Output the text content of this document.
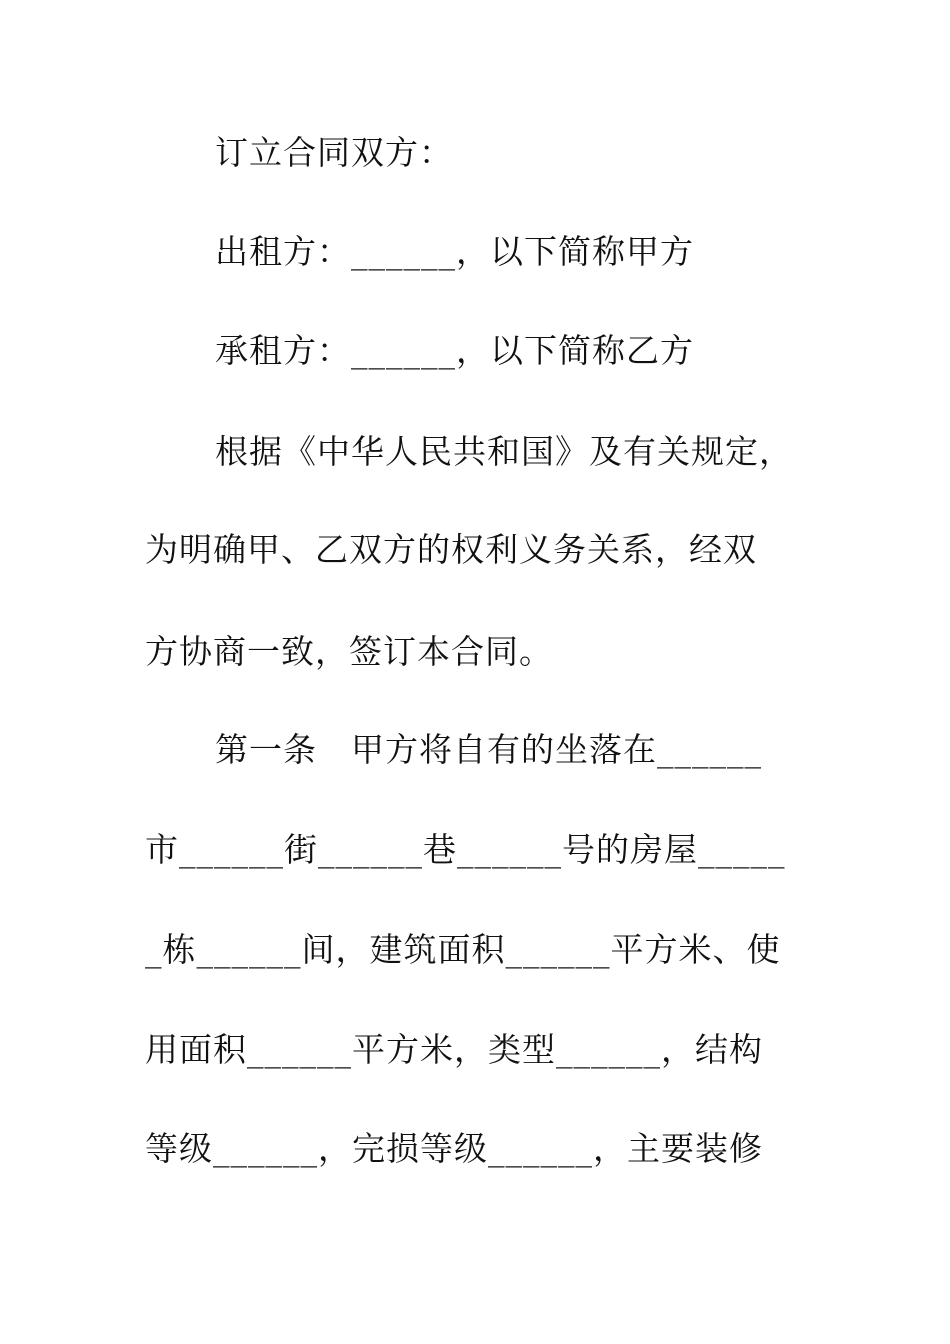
订立合同双方：
出租方：______，以下简称甲方
承租方：______，以下简称乙方
根据《中华人民共和国》及有关规定，
为明确甲、乙双方的权利义务关系，经双
方协商一致，签订本合同。
第一条　甲方将自有的坐落在______
市______街______巷______号的房屋_____
_栋______间，建筑面积______平方米、使
用面积______平方米，类型______，结构
等级______，完损等级______，主要装修
